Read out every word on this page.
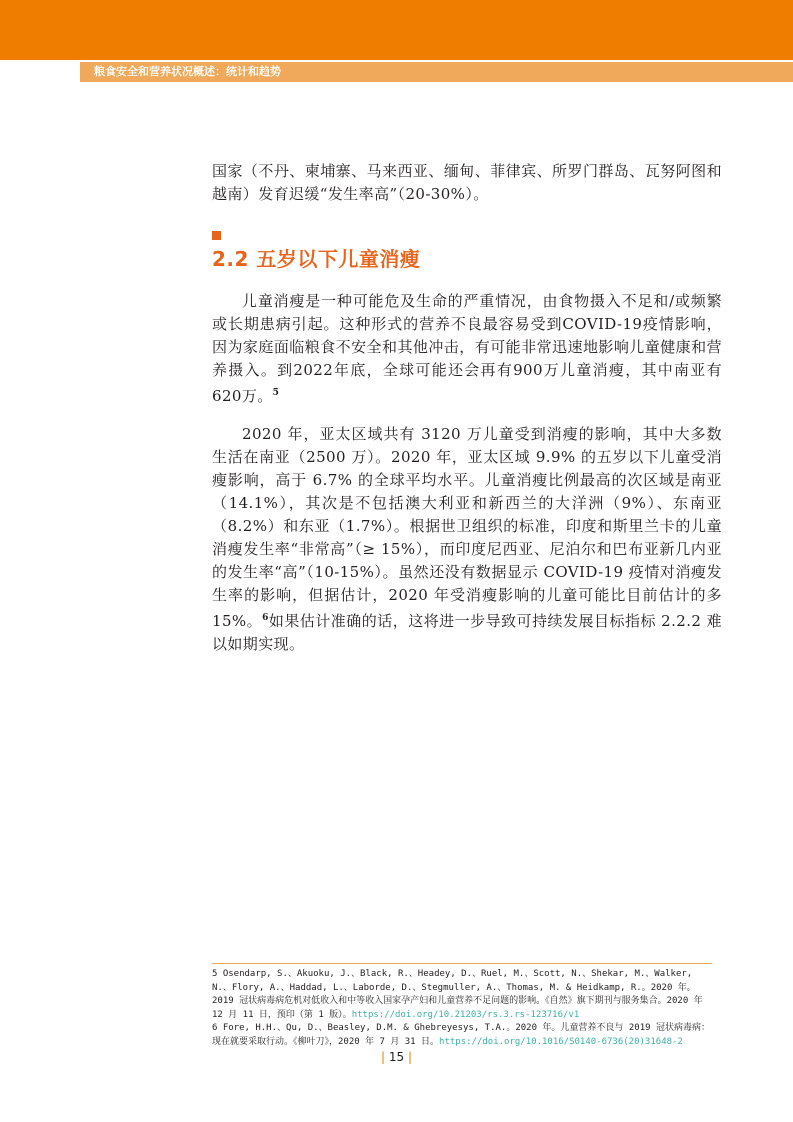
粮食安全和营养状况概述：统计和趋势

国家（不丹、柬埔寨、马来西亚、缅甸、菲律宾、所罗门群岛、瓦努阿图和越南）发育迟缓“发生率高”（20-30%）。

2.2 五岁以下儿童消瘦

儿童消瘦是一种可能危及生命的严重情况，由食物摄入不足和/或频繁或长期患病引起。这种形式的营养不良最容易受到COVID-19疫情影响，因为家庭面临粮食不安全和其他冲击，有可能非常迅速地影响儿童健康和营养摄入。到2022年底，全球可能还会再有900万儿童消瘦，其中南亚有620万。$^5$

2020 年，亚太区域共有 3120 万儿童受到消瘦的影响，其中大多数生活在南亚（2500 万）。2020 年，亚太区域 9.9% 的五岁以下儿童受消瘦影响，高于 6.7% 的全球平均水平。儿童消瘦比例最高的次区域是南亚（14.1%），其次是不包括澳大利亚和新西兰的大洋洲（9%）、东南亚（8.2%）和东亚（1.7%）。根据世卫组织的标准，印度和斯里兰卡的儿童消瘦发生率“非常高”（≥ 15%），而印度尼西亚、尼泊尔和巴布亚新几内亚的发生率“高”（10-15%）。虽然还没有数据显示 COVID-19 疫情对消瘦发生率的影响，但据估计，2020 年受消瘦影响的儿童可能比目前估计的多 15%。$^6$如果估计准确的话，这将进一步导致可持续发展目标指标 2.2.2 难以如期实现。

5 Osendarp, S.、Akuoku, J.、Black, R.、Headey, D.、Ruel, M.、Scott, N.、Shekar, M.、Walker, N.、Flory, A.、Haddad, L.、Laborde, D.、Stegmuller, A.、Thomas, M. & Heidkamp, R.。2020 年。2019 冠状病毒病危机对低收入和中等收入国家孕产妇和儿童营养不足问题的影响。《自然》旗下期刊与服务集合。2020 年 12 月 11 日，预印（第 1 版）。https://doi.org/10.21203/rs.3.rs-123716/v1

6 Fore, H.H.、Qu, D.、Beasley, D.M. & Ghebreyesys, T.A.。2020 年。儿童营养不良与 2019 冠状病毒病：现在就要采取行动。《柳叶刀》，2020 年 7 月 31 日。https://doi.org/10.1016/S0140-6736(20)31648-2

| 15 |
